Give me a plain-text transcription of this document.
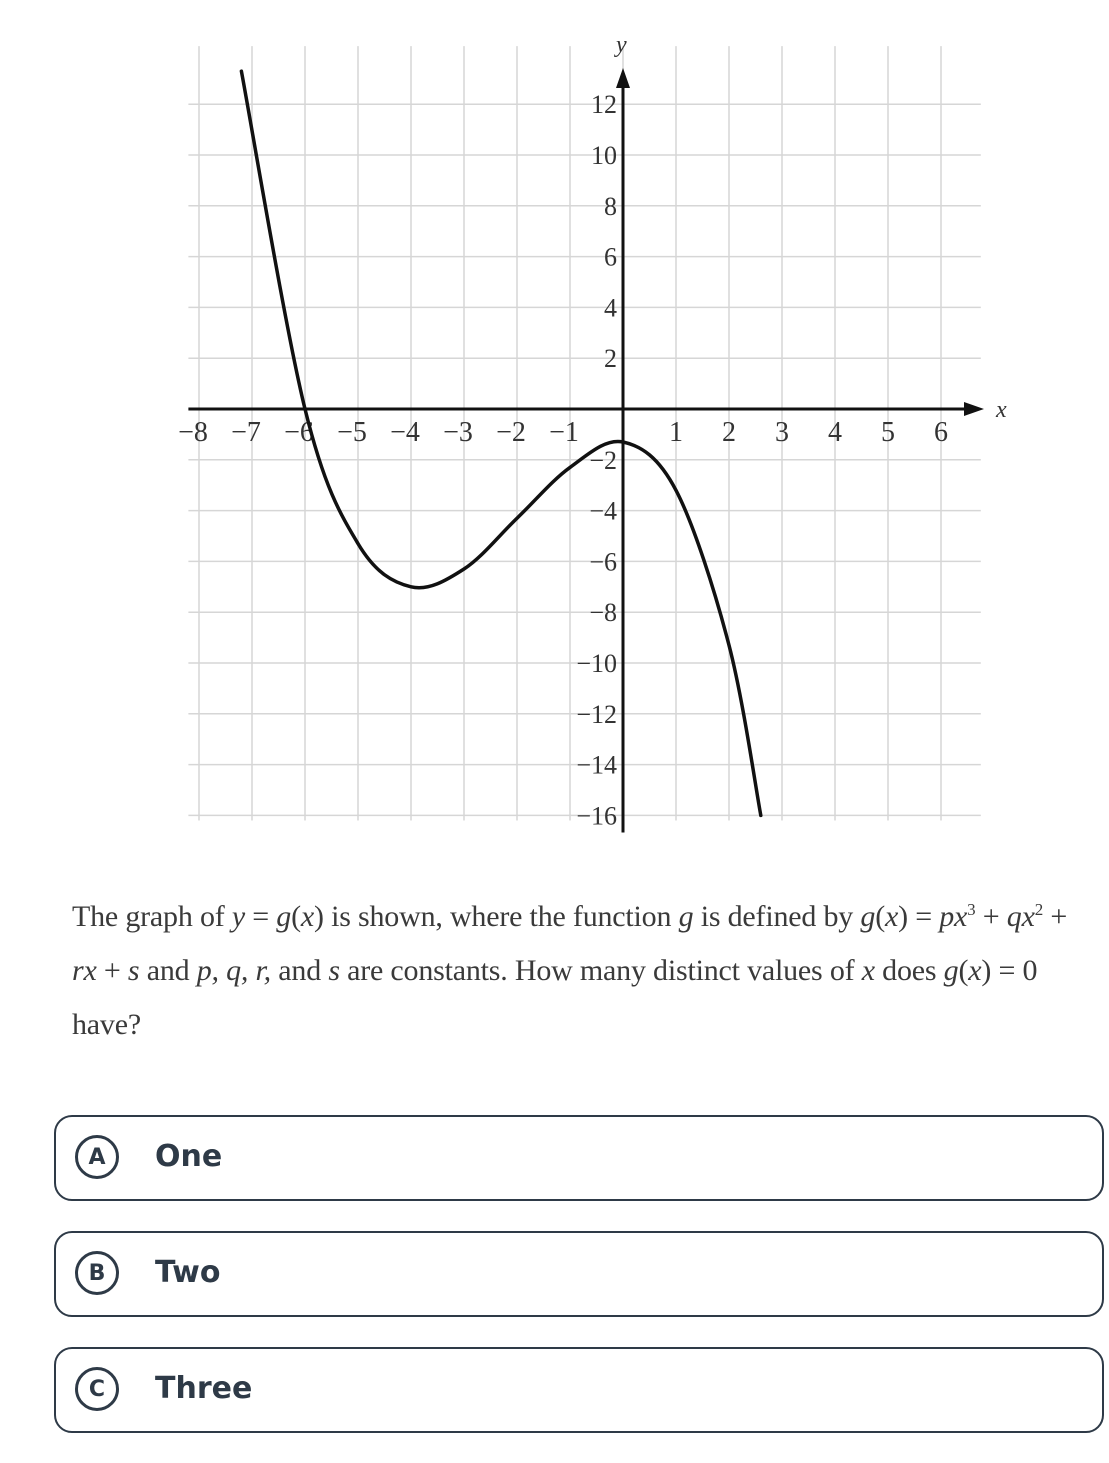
x
y
−8 −7 −6 −5 −4 −3 −2 −1	1 2 3 4 5 6
12
10
8
6
4
2
−2
−4
−6
−8
−10
−12
−14
−16
The graph of y = g(x) is shown, where the function g is defined by $g(x) = px^3 + qx^2$ + rx + s and p, q, r, and s are constants. How many distinct values of x does g(x) = 0 have?
A	One
B	Two
C	Three
